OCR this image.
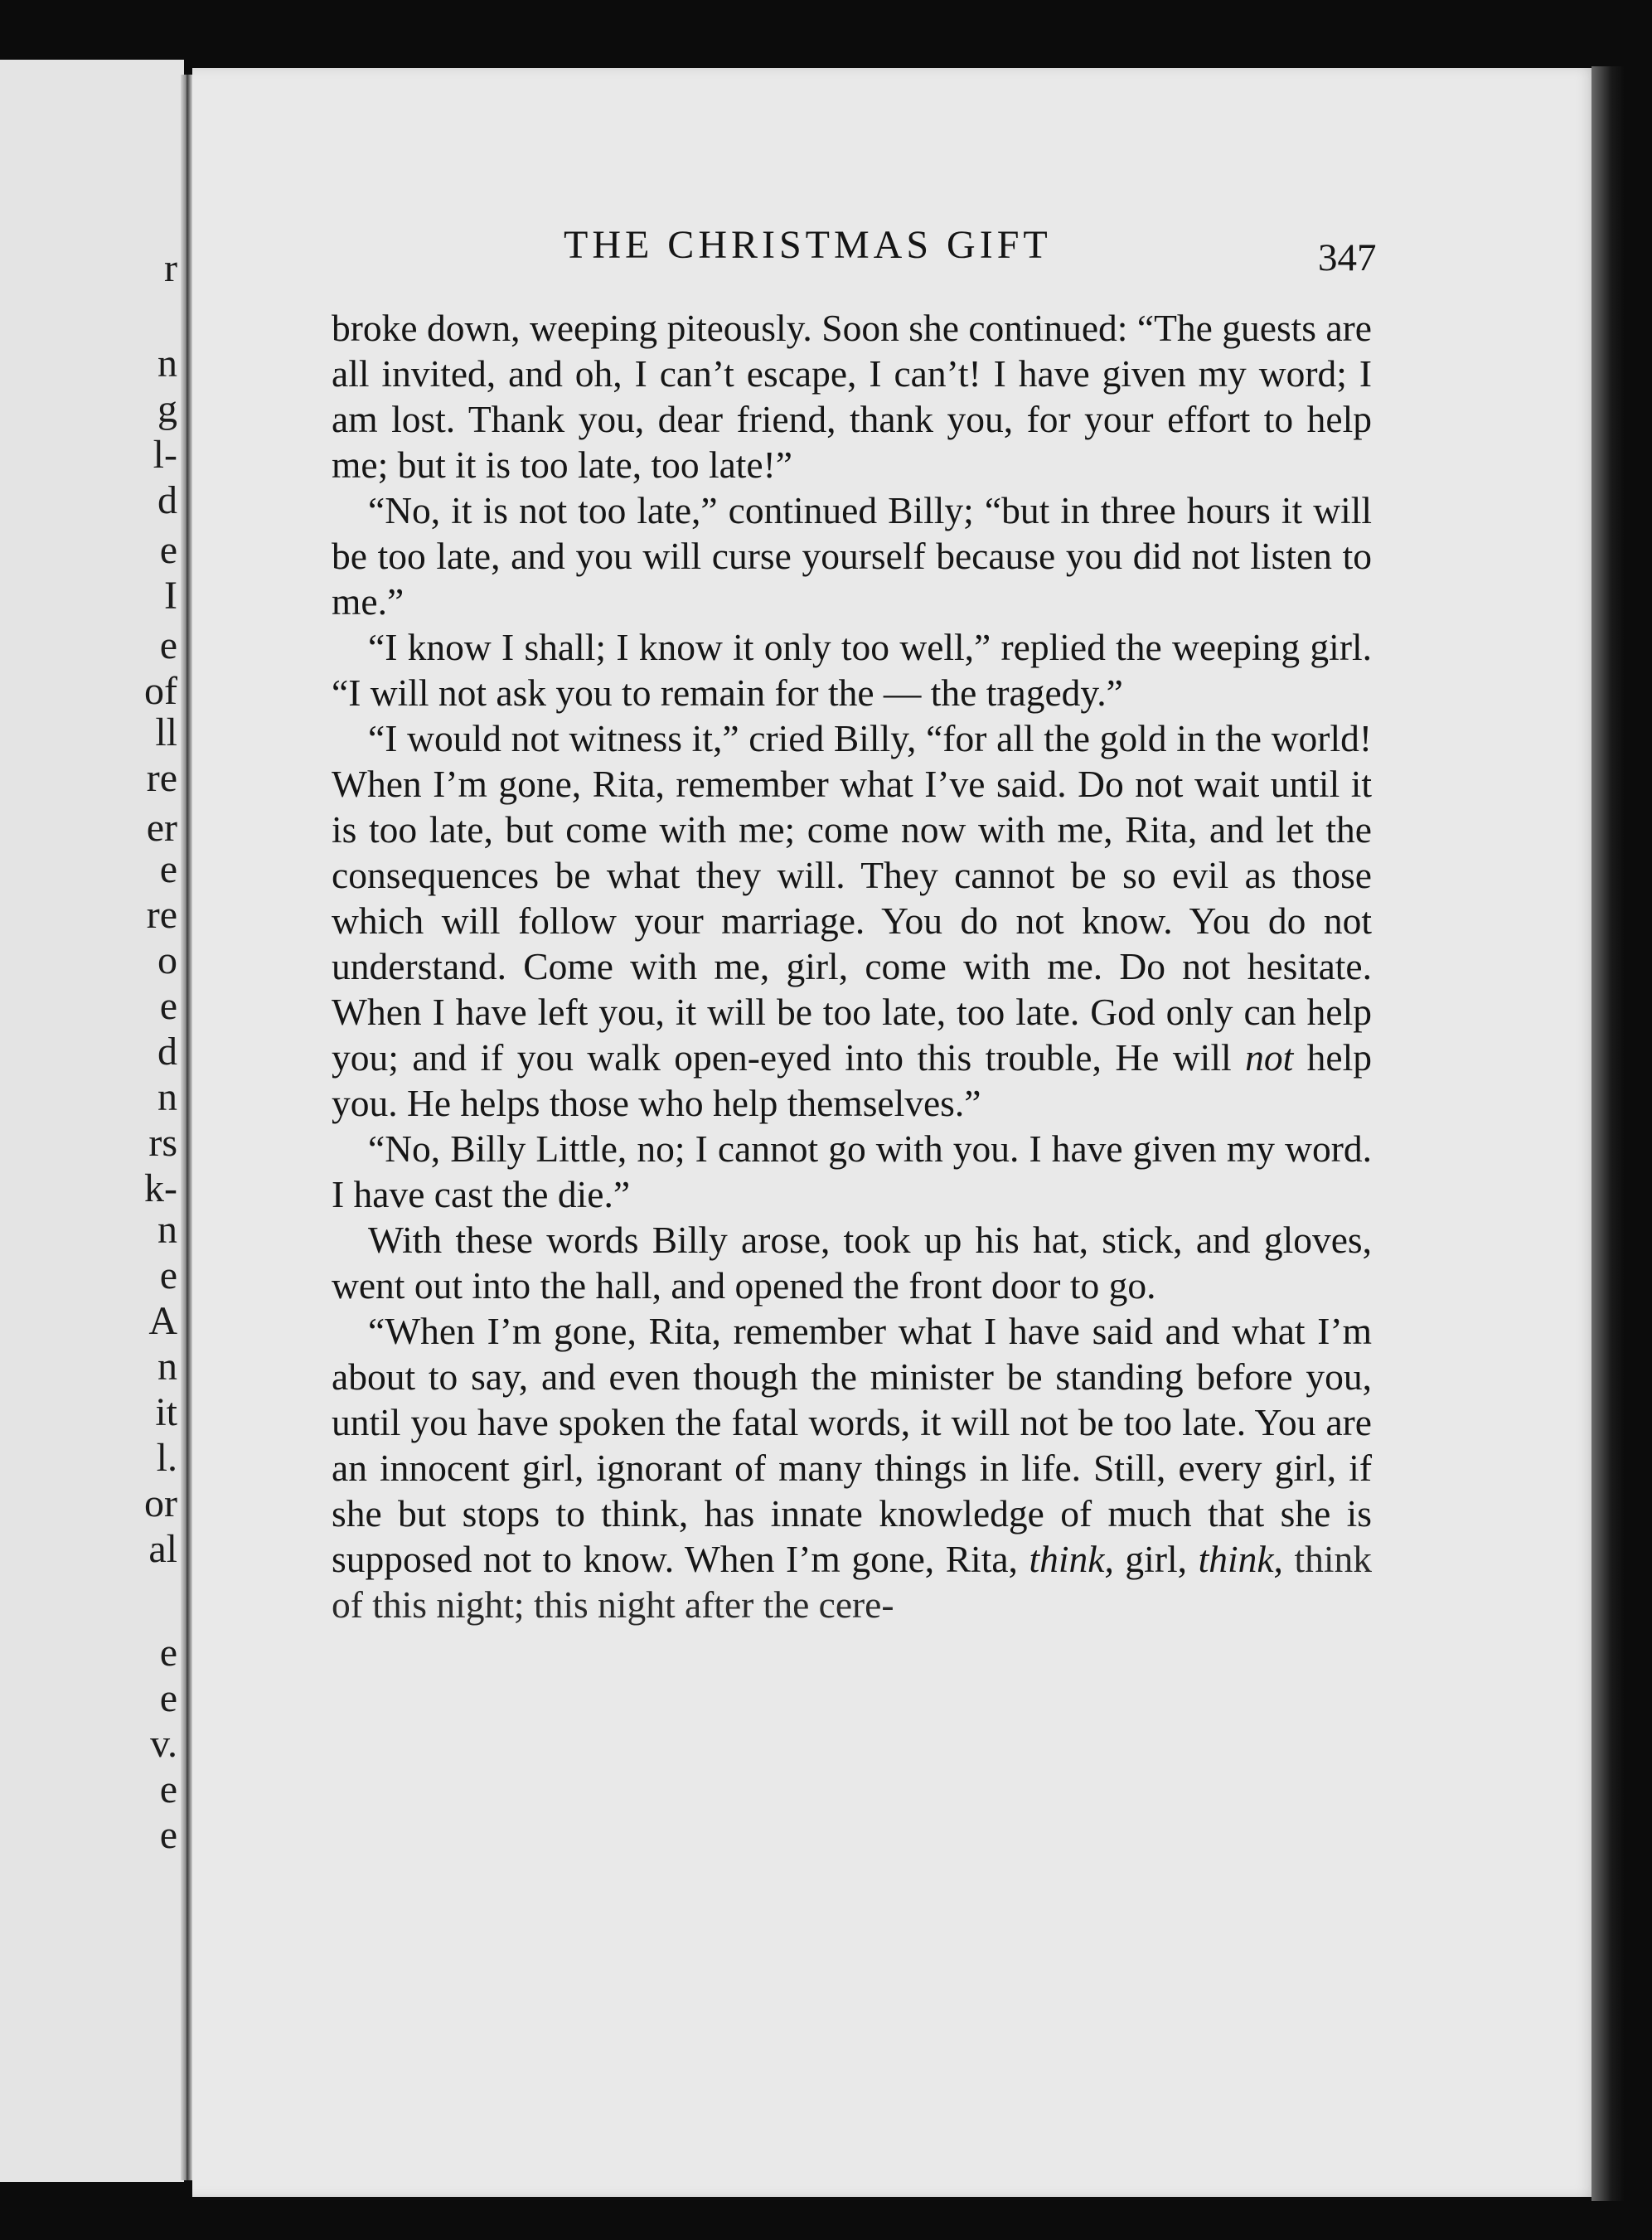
r
n
g
l-
d
e
I
e
of
ll
re
er
e
re
o
e
d
n
rs
k-
n
e
A
n
it
l.
or
al
e
e
v.
e
e
THE CHRISTMAS GIFT	347

broke down, weeping piteously. Soon she continued: “The guests are all invited, and oh, I can’t escape, I can’t! I have given my word; I am lost. Thank you, dear friend, thank you, for your effort to help me; but it is too late, too late!”

“No, it is not too late,” continued Billy; “but in three hours it will be too late, and you will curse yourself because you did not listen to me.”

“I know I shall; I know it only too well,” replied the weeping girl. “I will not ask you to remain for the — the tragedy.”

“I would not witness it,” cried Billy, “for all the gold in the world! When I’m gone, Rita, remember what I’ve said. Do not wait until it is too late, but come with me; come now with me, Rita, and let the consequences be what they will. They cannot be so evil as those which will follow your marriage. You do not know. You do not understand. Come with me, girl, come with me. Do not hesitate. When I have left you, it will be too late, too late. God only can help you; and if you walk open-eyed into this trouble, He will not help you. He helps those who help themselves.”

“No, Billy Little, no; I cannot go with you. I have given my word. I have cast the die.”

With these words Billy arose, took up his hat, stick, and gloves, went out into the hall, and opened the front door to go.

“When I’m gone, Rita, remember what I have said and what I’m about to say, and even though the minister be standing before you, until you have spoken the fatal words, it will not be too late. You are an innocent girl, ignorant of many things in life. Still, every girl, if she but stops to think, has innate knowledge of much that she is supposed not to know. When I’m gone, Rita, think, girl, think, think of this night; this night after the cere-
